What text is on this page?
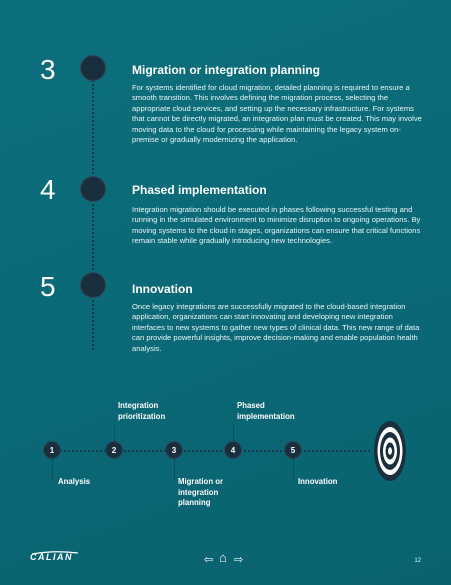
3	Migration or integration planning

For systems identified for cloud migration, detailed planning is required to ensure a smooth transition. This involves defining the migration process, selecting the appropriate cloud services, and setting up the necessary infrastructure. For systems that cannot be directly migrated, an integration plan must be created. This may involve moving data to the cloud for processing while maintaining the legacy system on-premise or gradually modernizing the application.

4	Phased implementation

Integration migration should be executed in phases following successful testing and running in the simulated environment to minimize disruption to ongoing operations. By moving systems to the cloud in stages, organizations can ensure that critical functions remain stable while gradually introducing new technologies.

5	Innovation

Once legacy integrations are successfully migrated to the cloud-based integration application, organizations can start innovating and developing new integration interfaces to new systems to gather new types of clinical data. This new range of data can provide powerful insights, improve decision-making and enable population health analysis.

1	2	3	4	5
Analysis
Integration prioritization
Migration or integration planning
Phased implementation
Innovation
CALIAN	⇦ ⌂ ⇨	12
